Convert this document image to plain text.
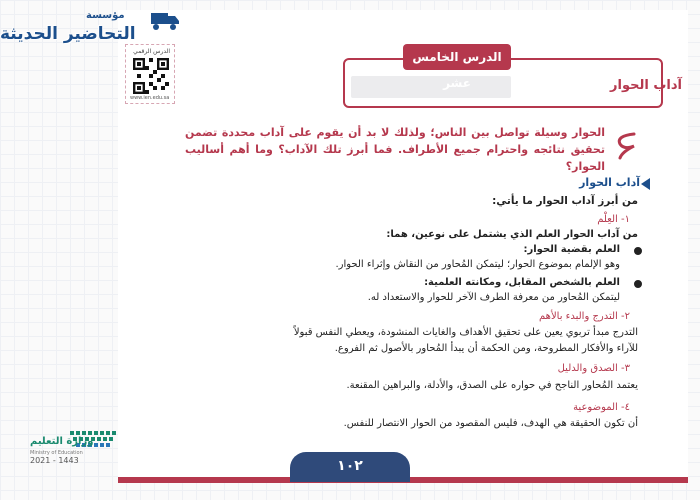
مؤسسة
التحاضير الحديثة
الدرس الرقمي
www.ien.edu.sa
الدرس الخامس عشر	آداب الحوار
الحوار وسيلة تواصل بين الناس؛ ولذلك لا بد أن يقوم على آداب محددة تضمن تحقيق نتائجه واحترام جميع الأطراف. فما أبرز تلك الآداب؟ وما أهم أساليب الحوار؟
آداب الحوار
من أبرز آداب الحوار ما يأتي:
١- العِلْم
من آداب الحوار العلم الذي يشتمل على نوعين، هما:
العلم بقضية الحوار:
وهو الإلمام بموضوع الحوار؛ ليتمكن المُحاور من النقاش وإثراء الحوار.
العلم بالشخص المقابل، ومكانته العلمية:
ليتمكن المُحاور من معرفة الطرف الآخر للحوار والاستعداد له.
٢- التدرج والبدء بالأهم
التدرج مبدأ تربوي يعين على تحقيق الأهداف والغايات المنشودة، ويعطي النفس قبولاً
للآراء والأفكار المطروحة، ومن الحكمة أن يبدأ المُحاور بالأصول ثم الفروع.
٣- الصدق والدليل
يعتمد المُحاور الناجح في حواره على الصدق، والأدلة، والبراهين المقنعة.
٤- الموضوعية
أن تكون الحقيقة هي الهدف، فليس المقصود من الحوار الانتصار للنفس.
وزارة التعليم
Ministry of Education
2021 - 1443	١٠٢
